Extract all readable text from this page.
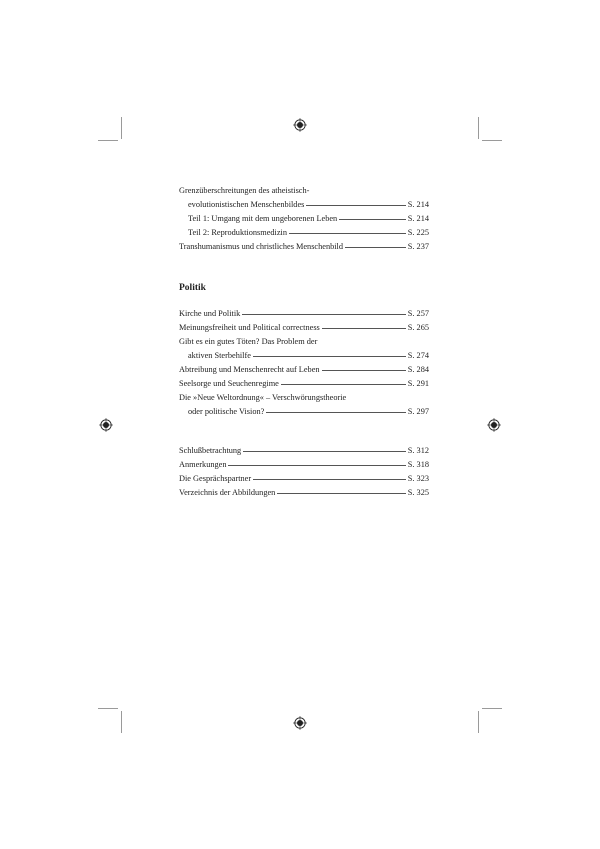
Grenzüberschreitungen des atheistisch-
evolutionistischen Menschenbildes	S. 214
Teil 1: Umgang mit dem ungeborenen Leben	S. 214
Teil 2: Reproduktionsmedizin	S. 225
Transhumanismus und christliches Menschenbild	S. 237
Politik
Kirche und Politik	S. 257
Meinungsfreiheit und Political correctness	S. 265
Gibt es ein gutes Töten? Das Problem der
aktiven Sterbehilfe	S. 274
Abtreibung und Menschenrecht auf Leben	S. 284
Seelsorge und Seuchenregime	S. 291
Die »Neue Weltordnung« – Verschwörungstheorie
oder politische Vision?	S. 297
Schlußbetrachtung	S. 312
Anmerkungen	S. 318
Die Gesprächspartner	S. 323
Verzeichnis der Abbildungen	S. 325
